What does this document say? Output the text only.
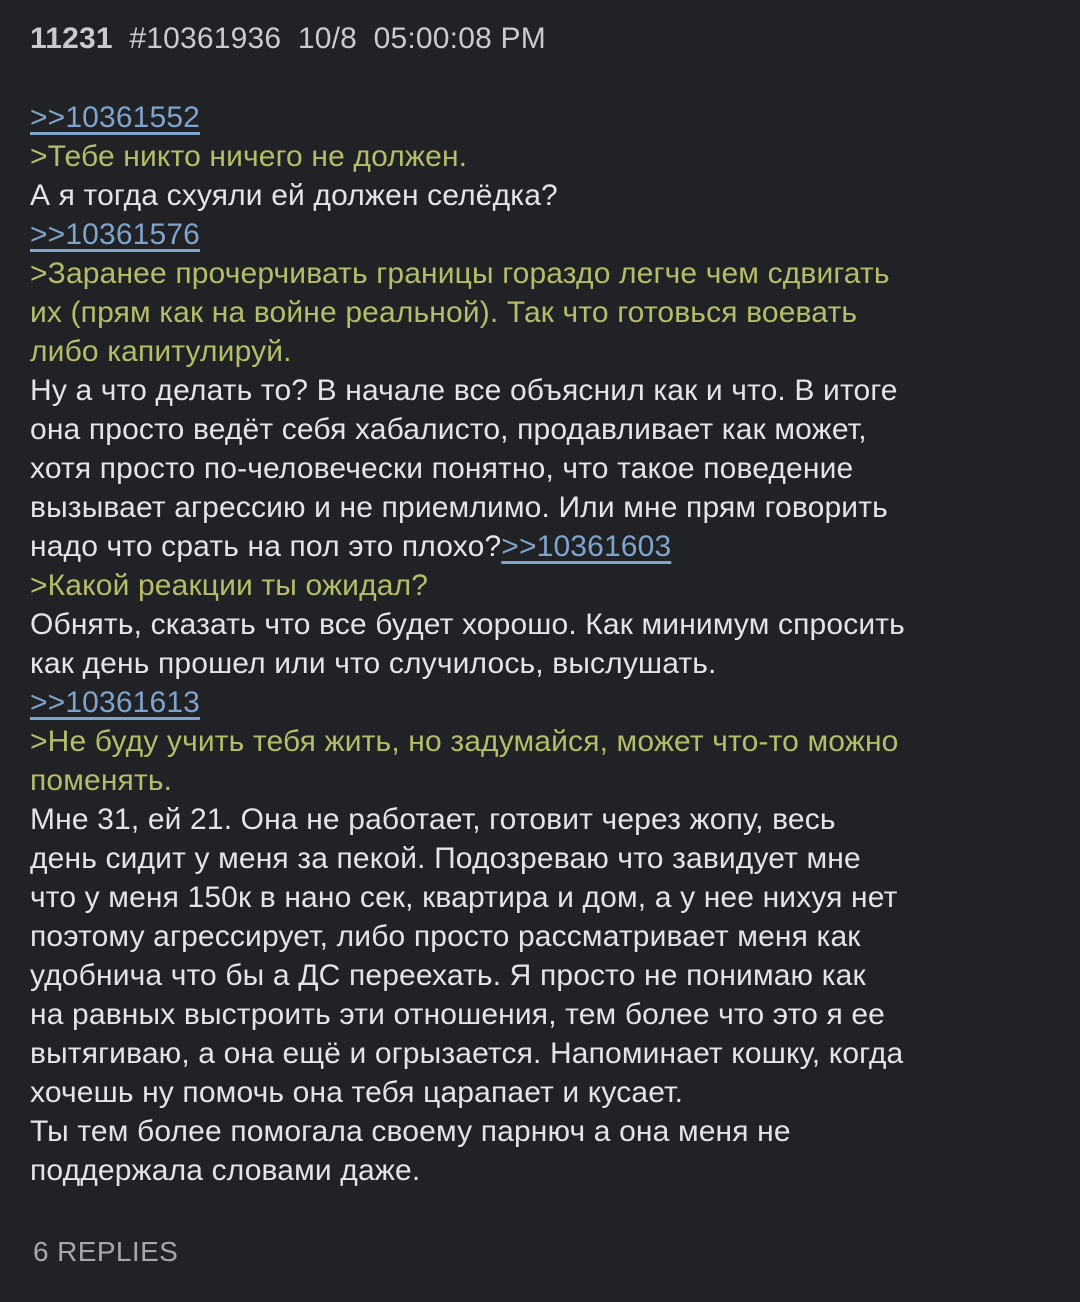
11231 #10361936 10/8 05:00:08 PM
>>10361552
>Тебе никто ничего не должен.
А я тогда схуяли ей должен селёдка?
>>10361576
>Заранее прочерчивать границы гораздо легче чем сдвигать
их (прям как на войне реальной). Так что готовься воевать
либо капитулируй.
Ну а что делать то? В начале все объяснил как и что. В итоге
она просто ведёт себя хабалисто, продавливает как может,
хотя просто по-человечески понятно, что такое поведение
вызывает агрессию и не приемлимо. Или мне прям говорить
надо что срать на пол это плохо?>>10361603
>Какой реакции ты ожидал?
Обнять, сказать что все будет хорошо. Как минимум спросить
как день прошел или что случилось, выслушать.
>>10361613
>Не буду учить тебя жить, но задумайся, может что-то можно
поменять.
Мне 31, ей 21. Она не работает, готовит через жопу, весь
день сидит у меня за пекой. Подозреваю что завидует мне
что у меня 150к в нано сек, квартира и дом, а у нее нихуя нет
поэтому агрессирует, либо просто рассматривает меня как
удобнича что бы а ДС переехать. Я просто не понимаю как
на равных выстроить эти отношения, тем более что это я ее
вытягиваю, а она ещё и огрызается. Напоминает кошку, когда
хочешь ну помочь она тебя царапает и кусает.
Ты тем более помогала своему парнюч а она меня не
поддержала словами даже.
6 REPLIES
